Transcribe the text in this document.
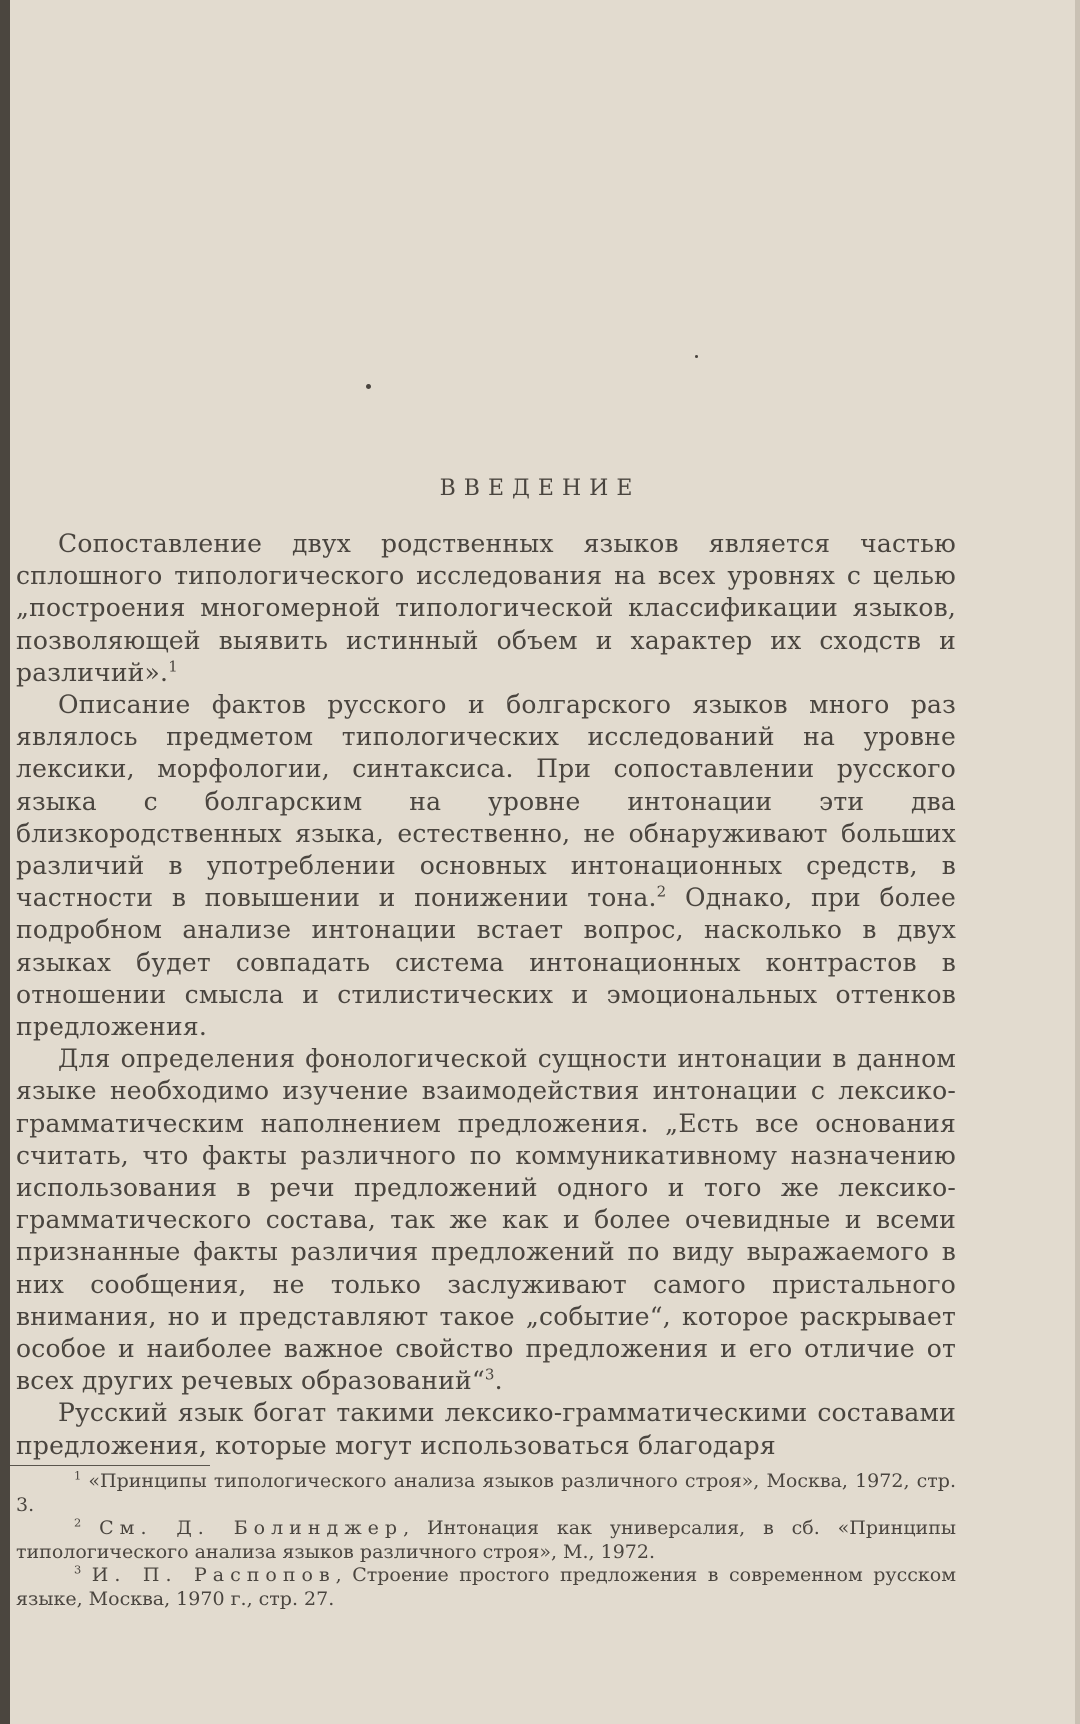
ВВЕДЕНИЕ

Сопоставление двух родственных языков является частью сплошного типологического исследования на всех уровнях с целью „построения многомерной типологической классификации языков, позволяющей выявить истинный объем и характер их сходств и различий».$^1$

Описание фактов русского и болгарского языков много раз являлось предметом типологических исследований на уровне лексики, морфологии, синтаксиса. При сопоставлении русского языка с болгарским на уровне интонации эти два близкородственных языка, естественно, не обнаруживают больших различий в употреблении основных интонационных средств, в частности в повышении и понижении тона.$^2$ Однако, при более подробном анализе интонации встает вопрос, насколько в двух языках будет совпадать система интонационных контрастов в отношении смысла и стилистических и эмоциональных оттенков предложения.

Для определения фонологической сущности интонации в данном языке необходимо изучение взаимодействия интонации с лексико-грамматическим наполнением предложения. „Есть все основания считать, что факты различного по коммуникативному назначению использования в речи предложений одного и того же лексико-грамматического состава, так же как и более очевидные и всеми признанные факты различия предложений по виду выражаемого в них сообщения, не только заслуживают самого пристального внимания, но и представляют такое „событие“, которое раскрывает особое и наиболее важное свойство предложения и его отличие от всех других речевых образований“$^3$.

Русский язык богат такими лексико-грамматическими составами предложения, которые могут использоваться благодаря

$^1$ «Принципы типологического анализа языков различного строя», Москва, 1972, стр. 3.

$^2$ См. Д. Болинджер, Интонация как универсалия, в сб. «Принципы типологического анализа языков различного строя», М., 1972.

$^3$ И. П. Распопов, Строение простого предложения в современном русском языке, Москва, 1970 г., стр. 27.
